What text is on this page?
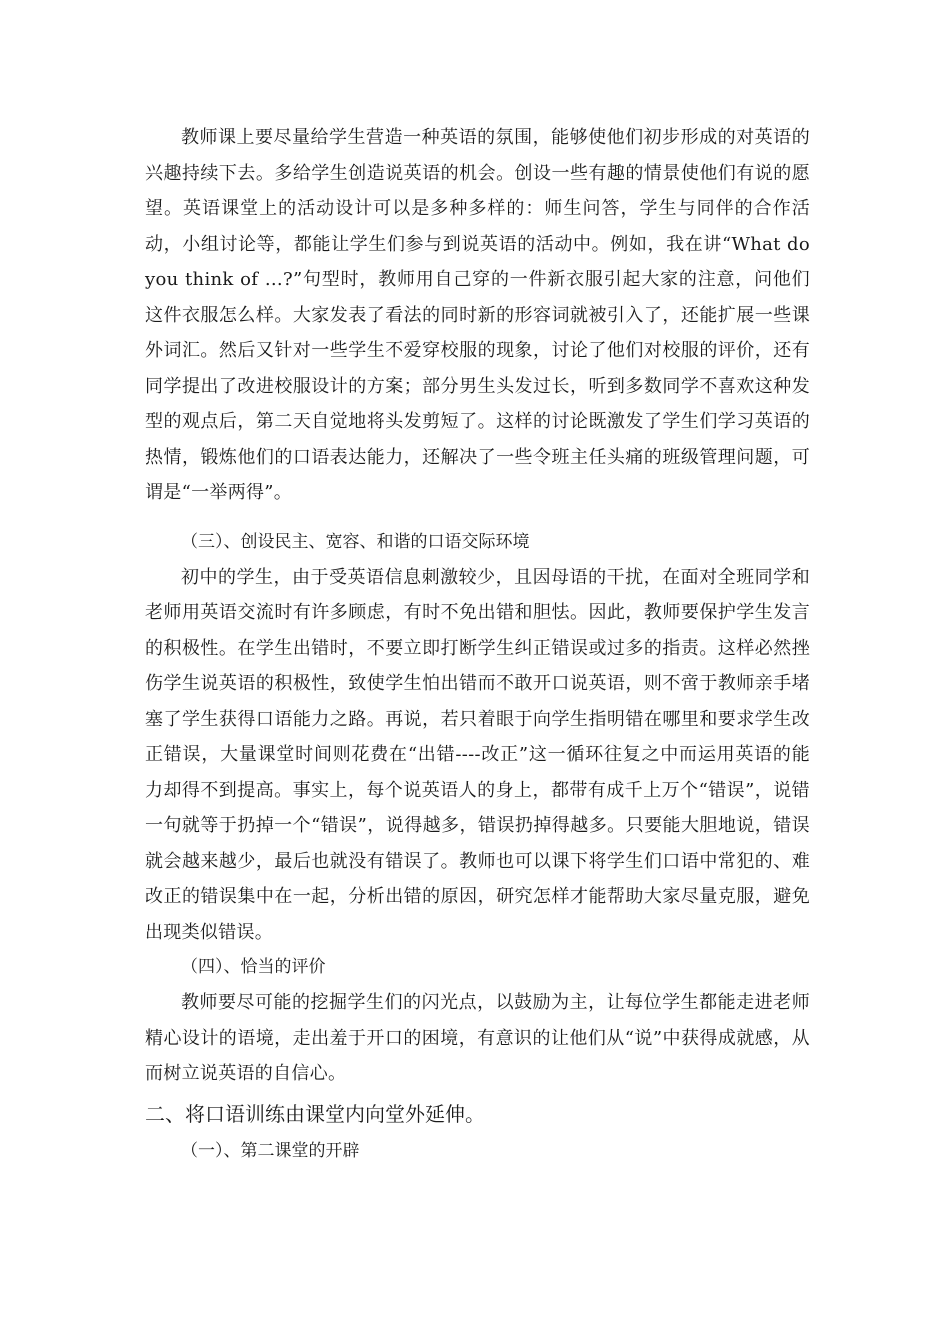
教师课上要尽量给学生营造一种英语的氛围，能够使他们初步形成的对英语的兴趣持续下去。多给学生创造说英语的机会。创设一些有趣的情景使他们有说的愿望。英语课堂上的活动设计可以是多种多样的：师生问答，学生与同伴的合作活动，小组讨论等，都能让学生们参与到说英语的活动中。例如，我在讲“What do you think of …?”句型时，教师用自己穿的一件新衣服引起大家的注意，问他们这件衣服怎么样。大家发表了看法的同时新的形容词就被引入了，还能扩展一些课外词汇。然后又针对一些学生不爱穿校服的现象，讨论了他们对校服的评价，还有同学提出了改进校服设计的方案；部分男生头发过长，听到多数同学不喜欢这种发型的观点后，第二天自觉地将头发剪短了。这样的讨论既激发了学生们学习英语的热情，锻炼他们的口语表达能力，还解决了一些令班主任头痛的班级管理问题，可谓是“一举两得”。

（三）、创设民主、宽容、和谐的口语交际环境

初中的学生，由于受英语信息刺激较少，且因母语的干扰，在面对全班同学和老师用英语交流时有许多顾虑，有时不免出错和胆怯。因此，教师要保护学生发言的积极性。在学生出错时，不要立即打断学生纠正错误或过多的指责。这样必然挫伤学生说英语的积极性，致使学生怕出错而不敢开口说英语，则不啻于教师亲手堵塞了学生获得口语能力之路。再说，若只着眼于向学生指明错在哪里和要求学生改正错误，大量课堂时间则花费在“出错----改正”这一循环往复之中而运用英语的能力却得不到提高。事实上，每个说英语人的身上，都带有成千上万个“错误”，说错一句就等于扔掉一个“错误”，说得越多，错误扔掉得越多。只要能大胆地说，错误就会越来越少，最后也就没有错误了。教师也可以课下将学生们口语中常犯的、难改正的错误集中在一起，分析出错的原因，研究怎样才能帮助大家尽量克服，避免出现类似错误。

（四）、恰当的评价

教师要尽可能的挖掘学生们的闪光点，以鼓励为主，让每位学生都能走进老师精心设计的语境，走出羞于开口的困境，有意识的让他们从“说”中获得成就感，从而树立说英语的自信心。

二、将口语训练由课堂内向堂外延伸。
（一）、第二课堂的开辟
